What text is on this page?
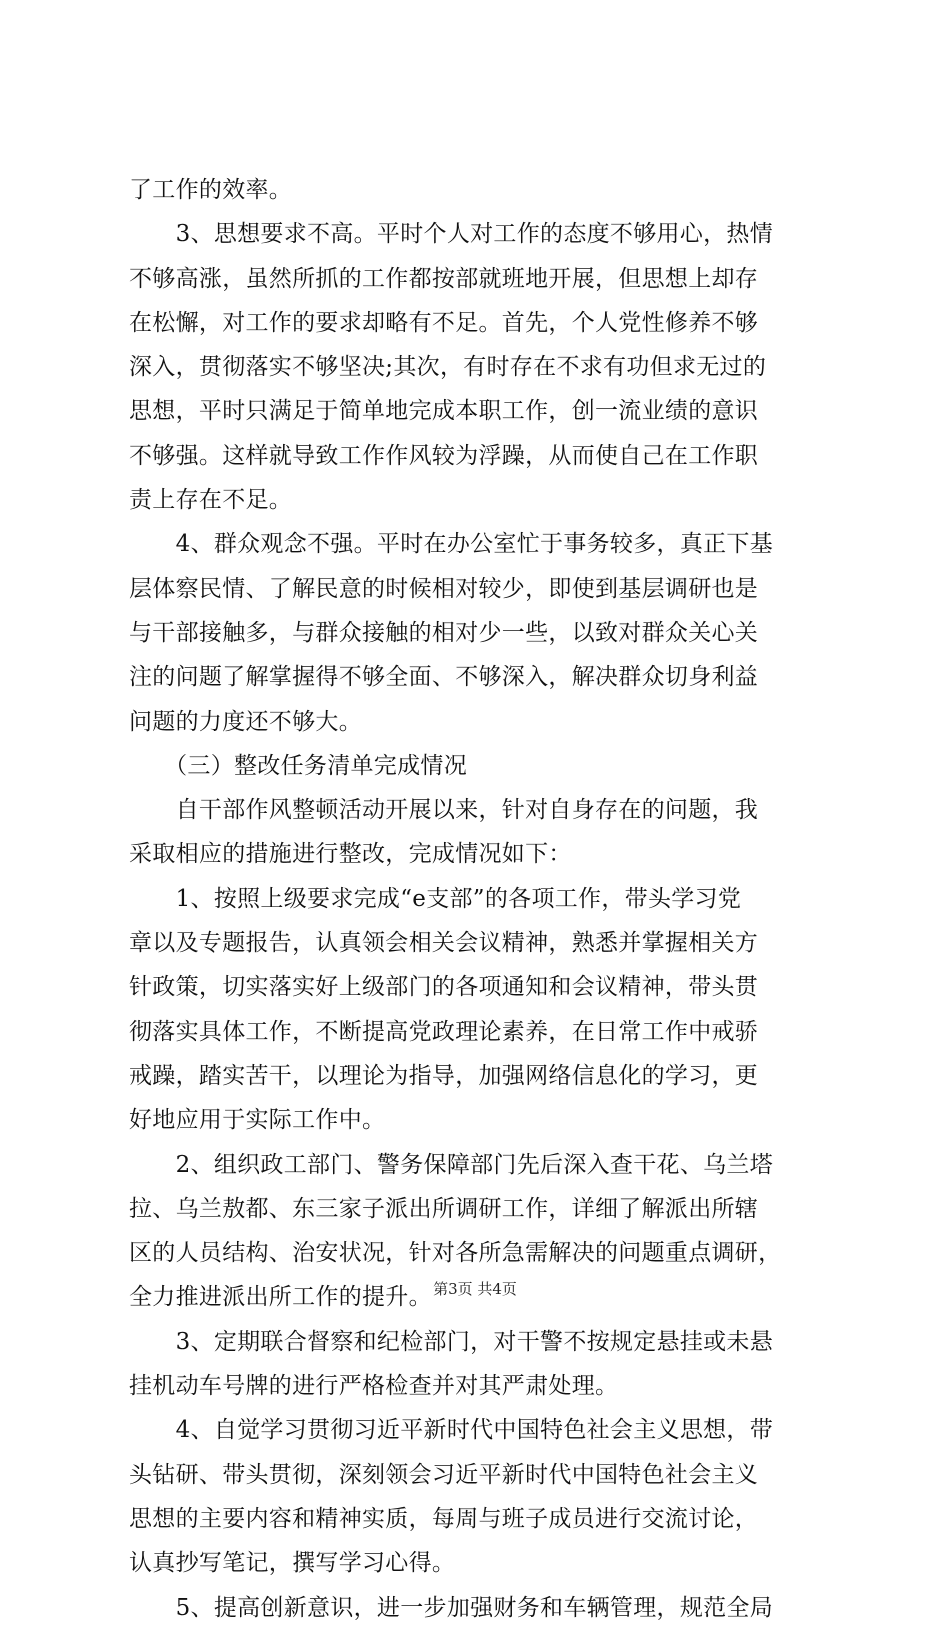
了工作的效率。
　　3、思想要求不高。平时个人对工作的态度不够用心，热情
不够高涨，虽然所抓的工作都按部就班地开展，但思想上却存
在松懈，对工作的要求却略有不足。首先，个人党性修养不够
深入，贯彻落实不够坚决;其次，有时存在不求有功但求无过的
思想，平时只满足于简单地完成本职工作，创一流业绩的意识
不够强。这样就导致工作作风较为浮躁，从而使自己在工作职
责上存在不足。
　　4、群众观念不强。平时在办公室忙于事务较多，真正下基
层体察民情、了解民意的时候相对较少，即使到基层调研也是
与干部接触多，与群众接触的相对少一些，以致对群众关心关
注的问题了解掌握得不够全面、不够深入，解决群众切身利益
问题的力度还不够大。
　　（三）整改任务清单完成情况
　　自干部作风整顿活动开展以来，针对自身存在的问题，我
采取相应的措施进行整改，完成情况如下：
　　1、按照上级要求完成“e支部”的各项工作，带头学习党
章以及专题报告，认真领会相关会议精神，熟悉并掌握相关方
针政策，切实落实好上级部门的各项通知和会议精神，带头贯
彻落实具体工作，不断提高党政理论素养，在日常工作中戒骄
戒躁，踏实苦干，以理论为指导，加强网络信息化的学习，更
好地应用于实际工作中。
　　2、组织政工部门、警务保障部门先后深入查干花、乌兰塔
拉、乌兰敖都、东三家子派出所调研工作，详细了解派出所辖
区的人员结构、治安状况，针对各所急需解决的问题重点调研，
全力推进派出所工作的提升。
　　3、定期联合督察和纪检部门，对干警不按规定悬挂或未悬
挂机动车号牌的进行严格检查并对其严肃处理。
　　4、自觉学习贯彻习近平新时代中国特色社会主义思想，带
头钻研、带头贯彻，深刻领会习近平新时代中国特色社会主义
思想的主要内容和精神实质，每周与班子成员进行交流讨论，
认真抄写笔记，撰写学习心得。
　　5、提高创新意识，进一步加强财务和车辆管理，规范全局
第3页 共4页
